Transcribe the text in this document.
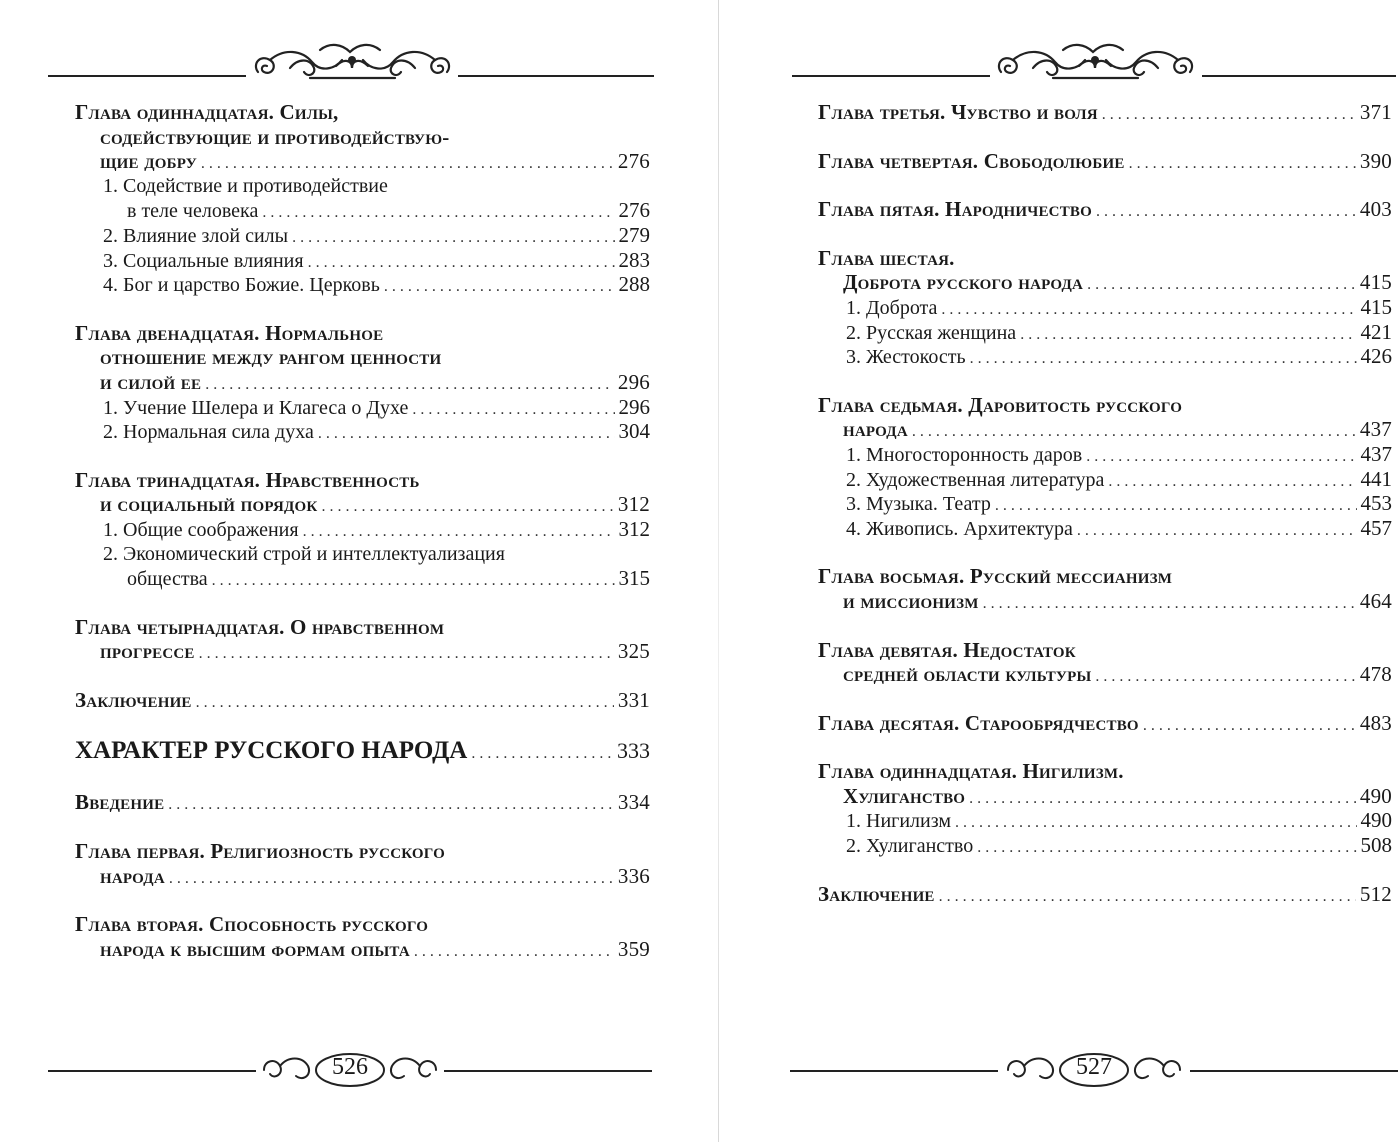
Глава одиннадцатая. Силы,
содействующие и противодействую-
щие добру . . .	276
1. Содействие и противодействие
в теле человека . . .	276
2. Влияние злой силы . . .	279
3. Социальные влияния . . .	283
4. Бог и царство Божие. Церковь . . .	288
Глава двенадцатая. Нормальное
отношение между рангом ценности
и силой ее . . .	296
1. Учение Шелера и Клагеса о Духе . . .	296
2. Нормальная сила духа . . .	304
Глава тринадцатая. Нравственность
и социальный порядок . . .	312
1. Общие соображения . . .	312
2. Экономический строй и интеллектуализация
общества . . .	315
Глава четырнадцатая. О нравственном
прогрессе . . .	325
Заключение . . .	331
ХАРАКТЕР РУССКОГО НАРОДА . . .	333
Введение . . .	334
Глава первая. Религиозность русского
народа . . .	336
Глава вторая. Способность русского
народа к высшим формам опыта . . .	359
526
Глава третья. Чувство и воля . . .	371
Глава четвертая. Свободолюбие . . .	390
Глава пятая. Народничество . . .	403
Глава шестая.
Доброта русского народа . . .	415
1. Доброта . . .	415
2. Русская женщина . . .	421
3. Жестокость . . .	426
Глава седьмая. Даровитость русского
народа . . .	437
1. Многосторонность даров . . .	437
2. Художественная литература . . .	441
3. Музыка. Театр . . .	453
4. Живопись. Архитектура . . .	457
Глава восьмая. Русский мессианизм
и миссионизм . . .	464
Глава девятая. Недостаток
средней области культуры . . .	478
Глава десятая. Старообрядчество . . .	483
Глава одиннадцатая. Нигилизм.
Хулиганство . . .	490
1. Нигилизм . . .	490
2. Хулиганство . . .	508
Заключение . . .	512
527
